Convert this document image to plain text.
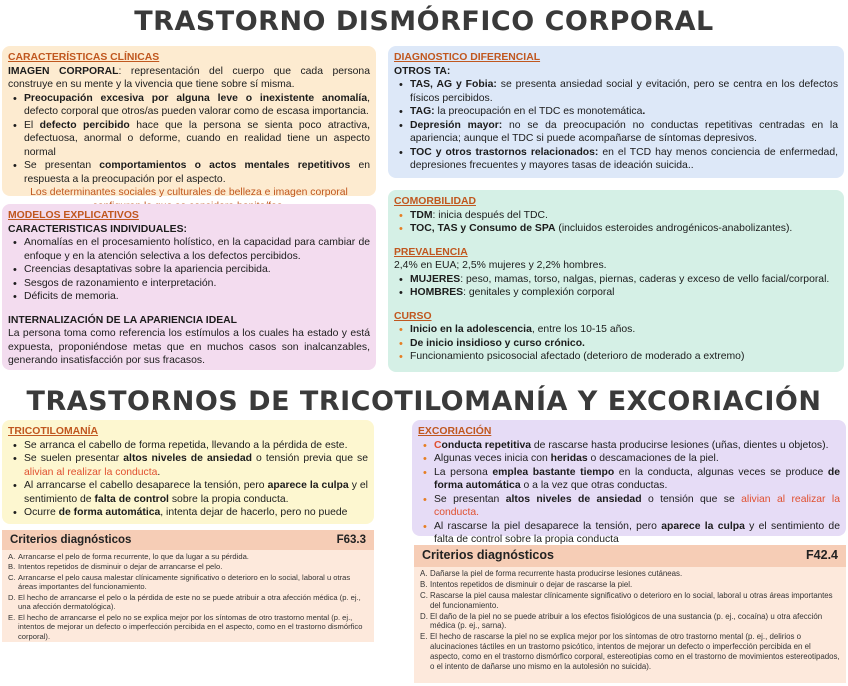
TRASTORNO DISMÓRFICO CORPORAL
CARACTERÍSTICAS CLÍNICAS
IMAGEN CORPORAL: representación del cuerpo que cada persona construye en su mente y la vivencia que tiene sobre sí misma.
• Preocupación excesiva por alguna leve o inexistente anomalía, defecto corporal que otros/as pueden valorar como de escasa importancia.
• El defecto percibido hace que la persona se sienta poco atractiva, defectuosa, anormal o deforme, cuando en realidad tiene un aspecto normal
• Se presentan comportamientos o actos mentales repetitivos en respuesta a la preocupación por el aspecto.
Los determinantes sociales y culturales de belleza e imagen corporal
DIAGNOSTICO DIFERENCIAL
OTROS TA:
• TAS, AG y Fobia: se presenta ansiedad social y evitación, pero se centra en los defectos físicos percibidos.
• TAG: la preocupación en el TDC es monotemática.
• Depresión mayor: no se da preocupación no conductas repetitivas centradas en la apariencia; aunque el TDC si puede acompañarse de síntomas depresivos.
• TOC y otros trastornos relacionados: en el TCD hay menos conciencia de enfermedad, depresiones frecuentes y mayores tasas de ideación suicida..
MODELOS EXPLICATIVOS
CARACTERISTICAS INDIVIDUALES:
• Anomalías en el procesamiento holístico, en la capacidad para cambiar de enfoque y en la atención selectiva a los defectos percibidos.
• Creencias desaptativas sobre la apariencia percibida.
• Sesgos de razonamiento e interpretación.
• Déficits de memoria.
INTERNALIZACIÓN DE LA APARIENCIA IDEAL
La persona toma como referencia los estímulos a los cuales ha estado y está expuesta, proponiéndose metas que en muchos casos son inalcanzables, generando insatisfacción por sus fracasos.
COMORBILIDAD
• TDM: inicia después del TDC.
• TOC, TAS y Consumo de SPA (incluidos esteroides androgénicos-anabolizantes).
PREVALENCIA
2,4% en EUA; 2,5% mujeres y 2,2% hombres.
• MUJERES: peso, mamas, torso, nalgas, piernas, caderas y exceso de vello facial/corporal.
• HOMBRES: genitales y complexión corporal
CURSO
• Inicio en la adolescencia, entre los 10-15 años.
• De inicio insidioso y curso crónico.
• Funcionamiento psicosocial afectado (deterioro de moderado a extremo)
TRASTORNOS DE TRICOTILOMANÍA Y EXCORIACIÓN
TRICOTILOMANÍA
• Se arranca el cabello de forma repetida, llevando a la pérdida de este.
• Se suelen presentar altos niveles de ansiedad o tensión previa que se alivian al realizar la conducta.
• Al arrancarse el cabello desaparece la tensión, pero aparece la culpa y el sentimiento de falta de control sobre la propia conducta.
• Ocurre de forma automática, intenta dejar de hacerlo, pero no puede
EXCORIACIÓN
• Conducta repetitiva de rascarse hasta producirse lesiones (uñas, dientes u objetos).
• Algunas veces inicia con heridas o descamaciones de la piel.
• La persona emplea bastante tiempo en la conducta, algunas veces se produce de forma automática o a la vez que otras conductas.
• Se presentan altos niveles de ansiedad o tensión que se alivian al realizar la conducta.
• Al rascarse la piel desaparece la tensión, pero aparece la culpa y el sentimiento de falta de control sobre la propia conducta
Criterios diagnósticos	F63.3
A. Arrancarse el pelo de forma recurrente, lo que da lugar a su pérdida.
B. Intentos repetidos de disminuir o dejar de arrancarse el pelo.
C. Arrancarse el pelo causa malestar clínicamente significativo o deterioro en lo social, laboral u otras áreas importantes del funcionamiento.
D. El hecho de arrancarse el pelo o la pérdida de este no se puede atribuir a otra afección médica (p. ej., una afección dermatológica).
E. El hecho de arrancarse el pelo no se explica mejor por los síntomas de otro trastorno mental (p. ej., intentos de mejorar un defecto o imperfección percibida en el aspecto, como en el trastorno dismórfico corporal).
Criterios diagnósticos	F42.4
A. Dañarse la piel de forma recurrente hasta producirse lesiones cutáneas.
B. Intentos repetidos de disminuir o dejar de rascarse la piel.
C. Rascarse la piel causa malestar clínicamente significativo o deterioro en lo social, laboral u otras áreas importantes del funcionamiento.
D. El daño de la piel no se puede atribuir a los efectos fisiológicos de una sustancia (p. ej., cocaína) u otra afección médica (p. ej., sarna).
E. El hecho de rascarse la piel no se explica mejor por los síntomas de otro trastorno mental (p. ej., delirios o alucinaciones táctiles en un trastorno psicótico, intentos de mejorar un defecto o imperfección percibida en el aspecto, como en el trastorno dismórfico corporal, estereotipias como en el trastorno de movimientos estereotipados, o el intento de dañarse uno mismo en la autolesión no suicida).
